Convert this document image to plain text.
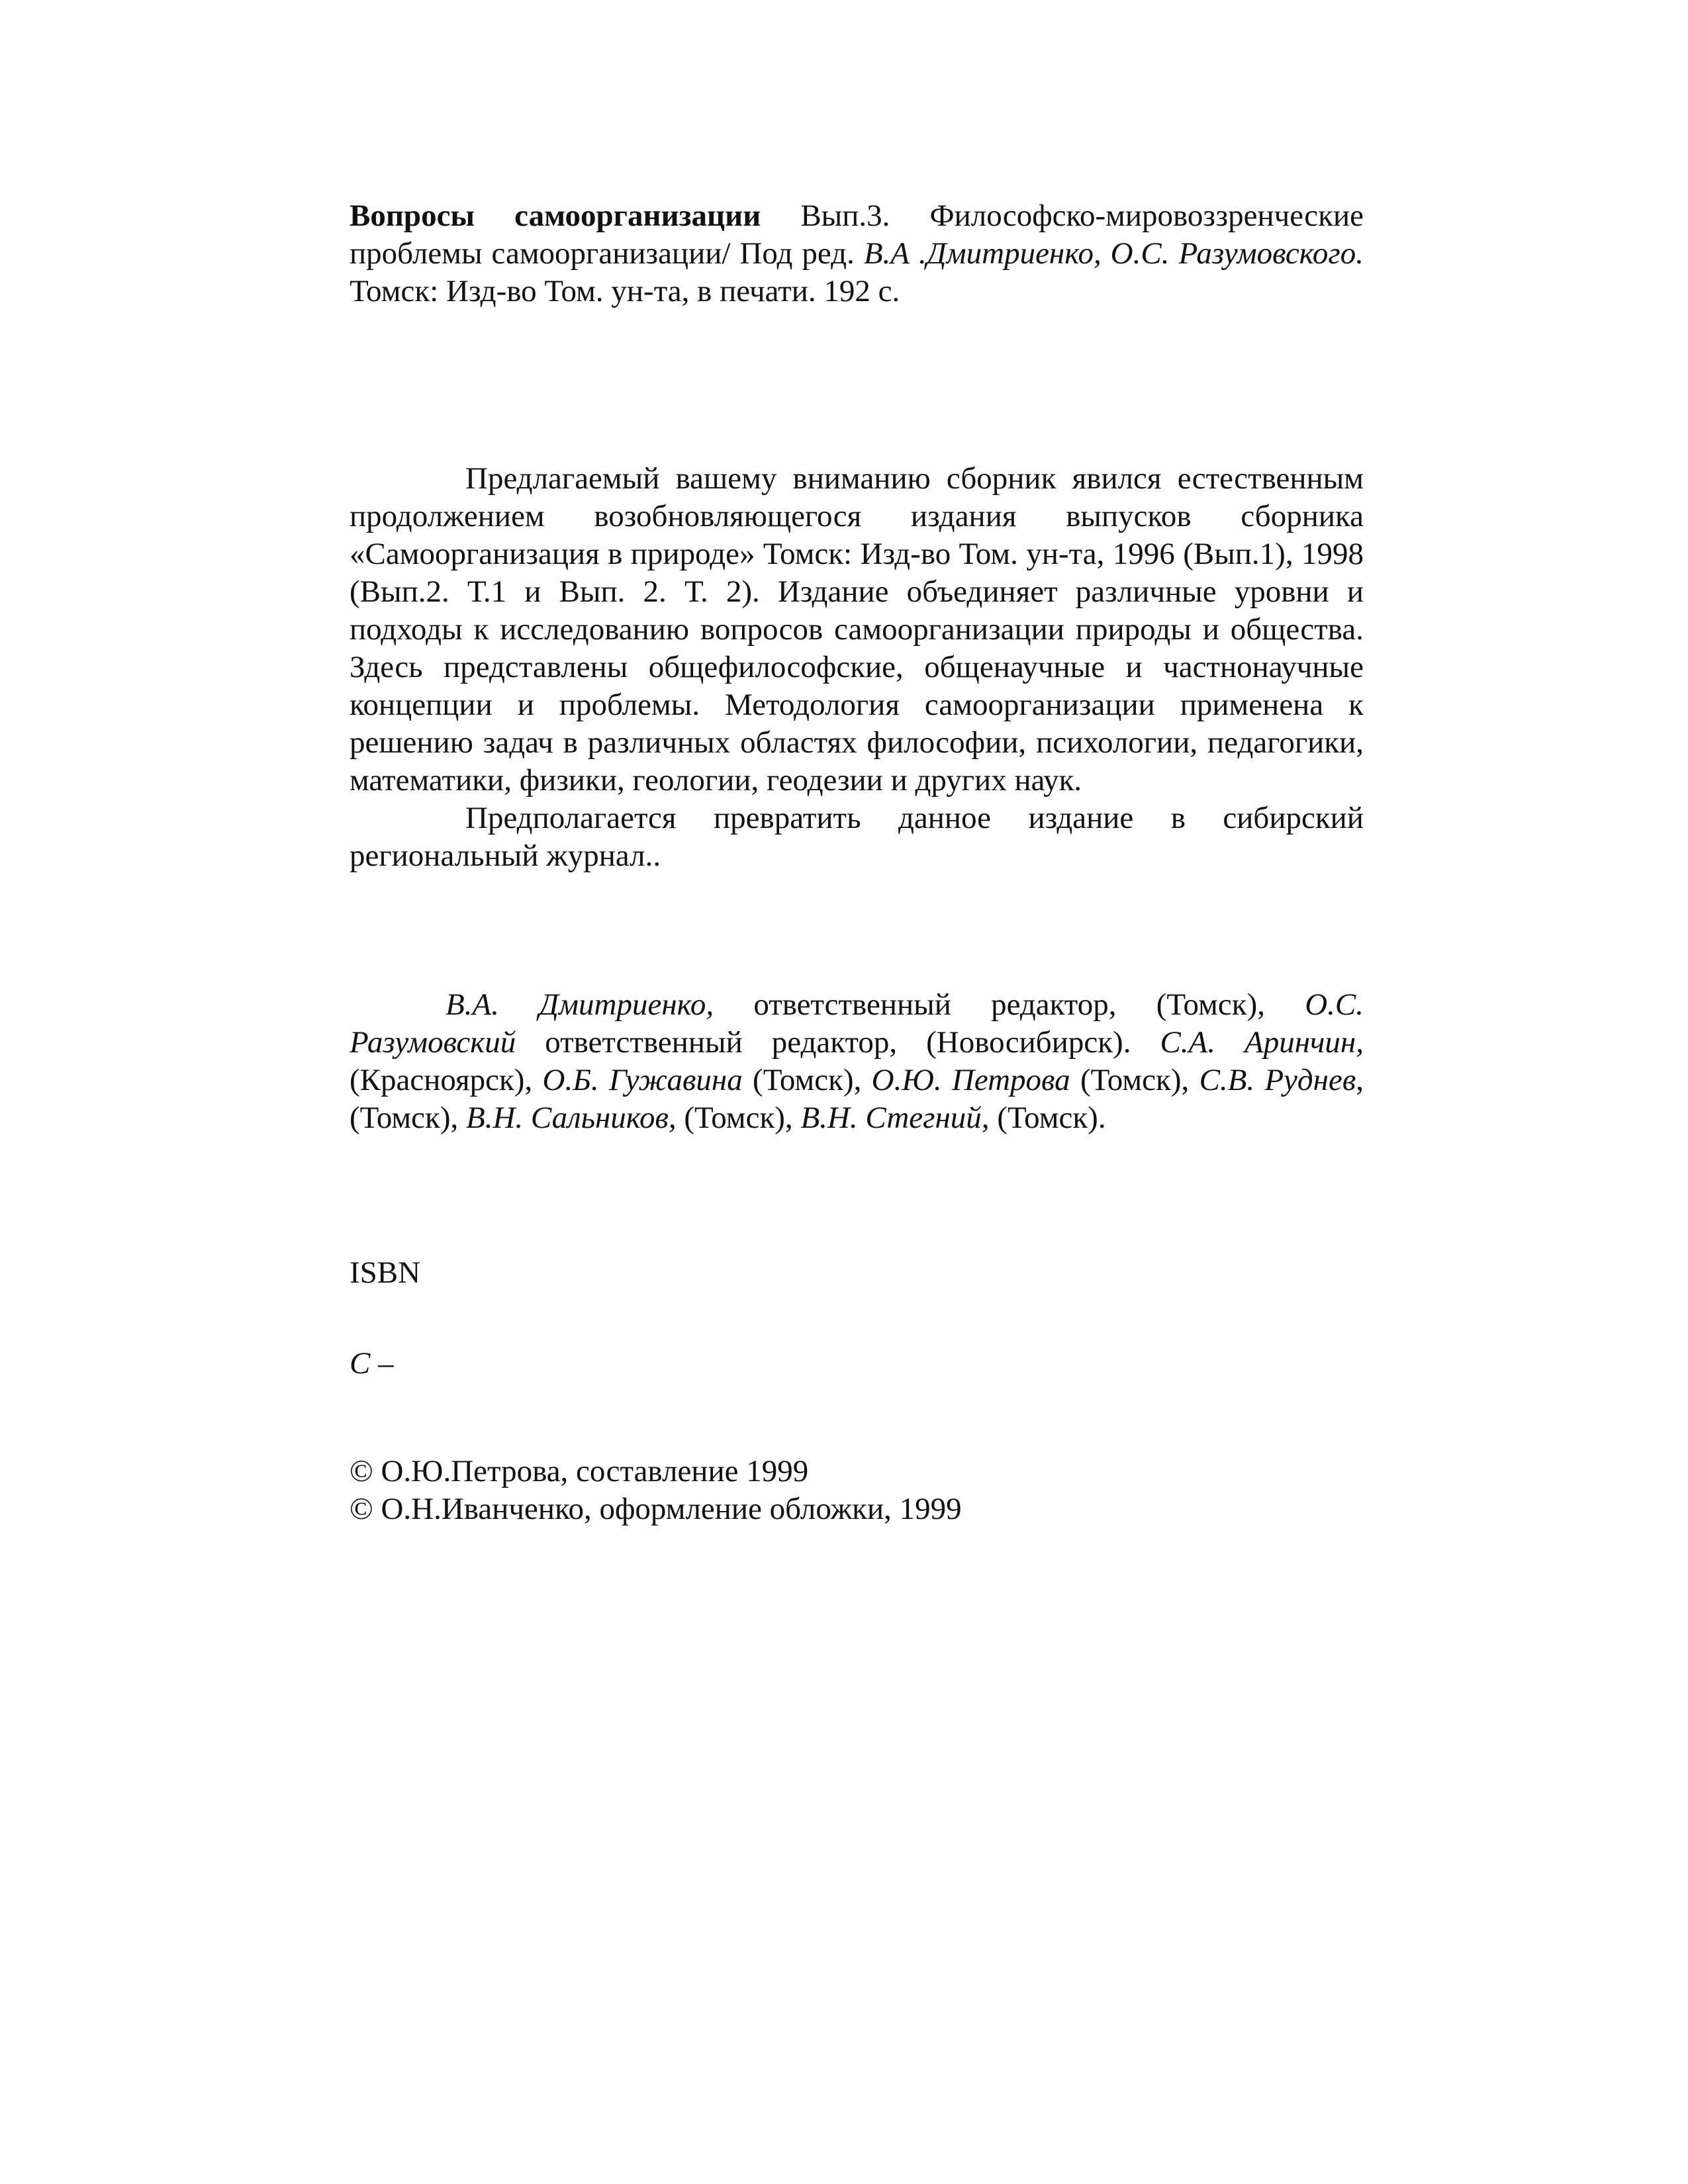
Вопросы самоорганизации Вып.3. Философско-мировоззренческие проблемы самоорганизации/ Под ред. В.А .Дмитриенко, О.С. Разумовского. Томск: Изд-во Том. ун-та, в печати. 192 с.

Предлагаемый вашему вниманию сборник явился естественным продолжением возобновляющегося издания выпусков сборника «Самоорганизация в природе» Томск: Изд-во Том. ун-та, 1996 (Вып.1), 1998 (Вып.2. Т.1 и Вып. 2. Т. 2). Издание объединяет различные уровни и подходы к исследованию вопросов самоорганизации природы и общества. Здесь представлены общефилософские, общенаучные и частнонаучные концепции и проблемы. Методология самоорганизации применена к решению задач в различных областях философии, психологии, педагогики, математики, физики, геологии, геодезии и других наук.

Предполагается превратить данное издание в сибирский региональный журнал..

В.А. Дмитриенко, ответственный редактор, (Томск), О.С. Разумовский ответственный редактор, (Новосибирск). С.А. Аринчин, (Красноярск), О.Б. Гужавина (Томск), О.Ю. Петрова (Томск), С.В. Руднев, (Томск), В.Н. Сальников, (Томск), В.Н. Стегний, (Томск).

ISBN
С –
© О.Ю.Петрова, составление 1999
© О.Н.Иванченко, оформление обложки, 1999
